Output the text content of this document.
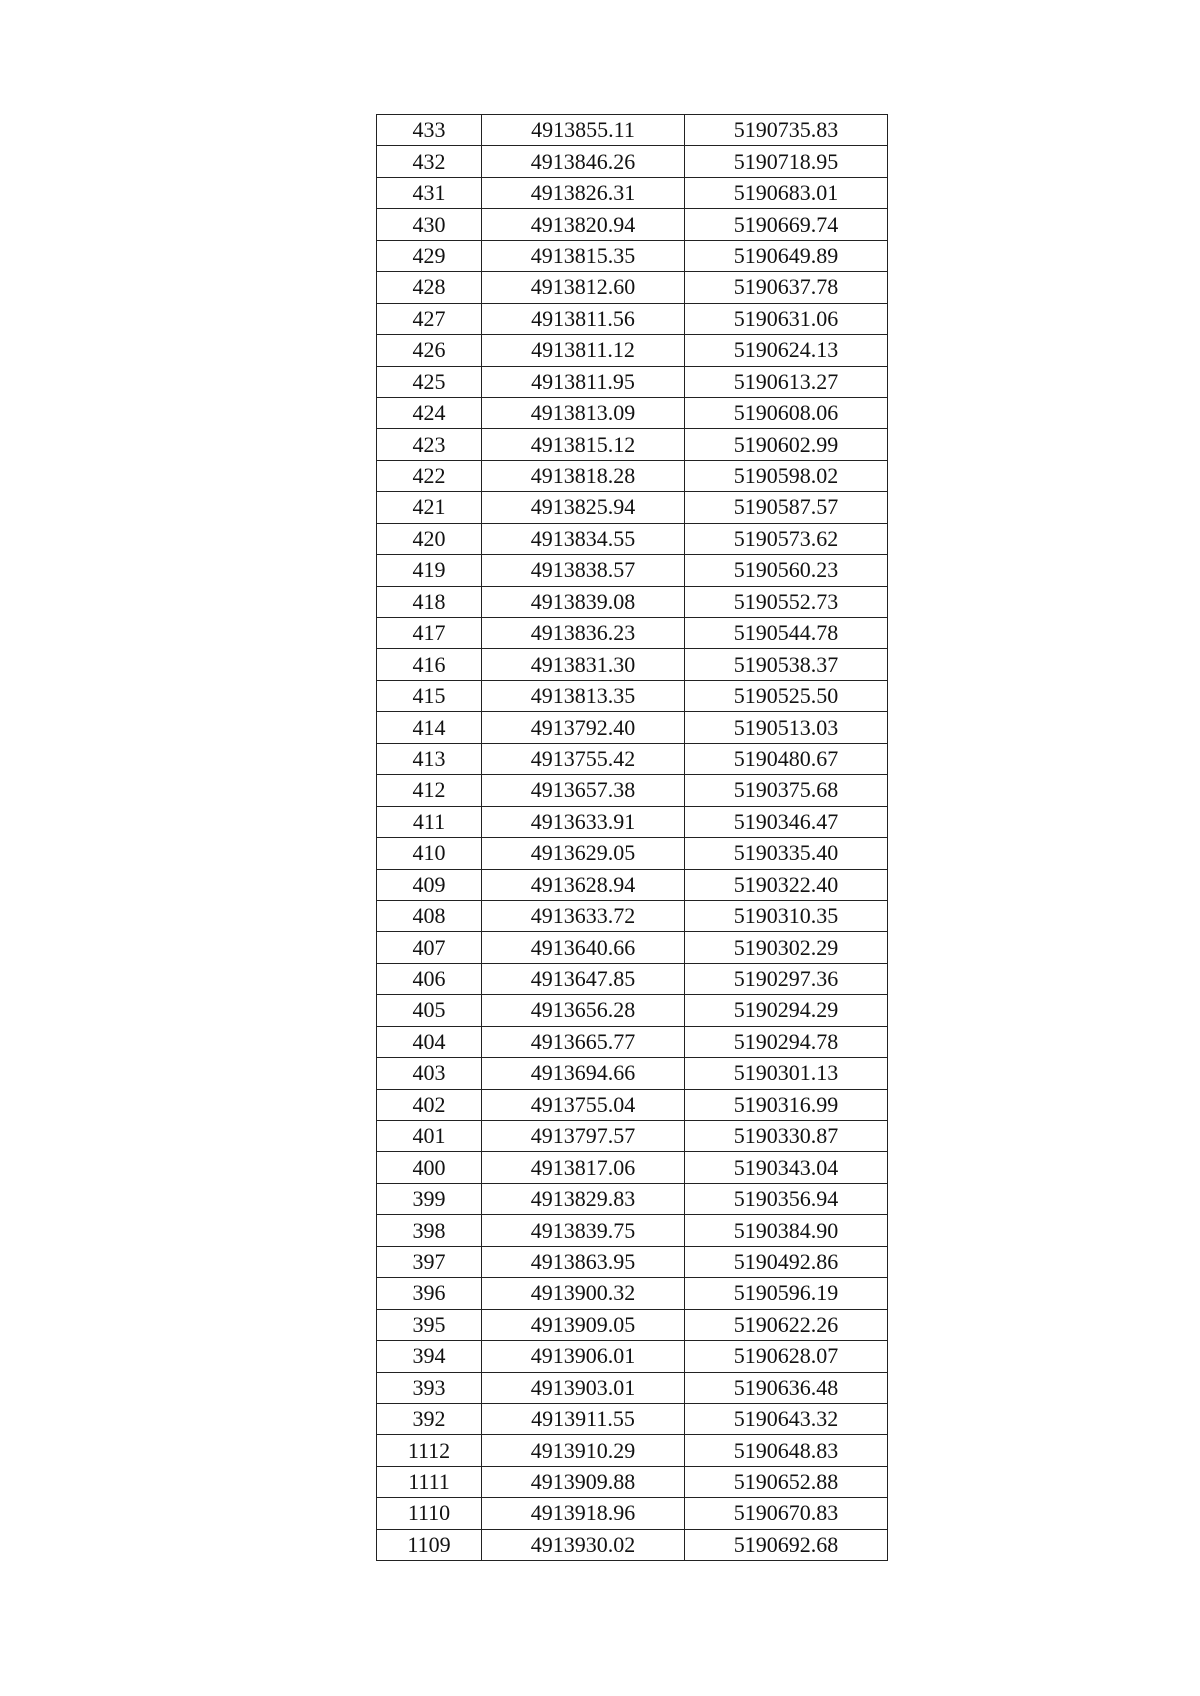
433	4913855.11	5190735.83
432	4913846.26	5190718.95
431	4913826.31	5190683.01
430	4913820.94	5190669.74
429	4913815.35	5190649.89
428	4913812.60	5190637.78
427	4913811.56	5190631.06
426	4913811.12	5190624.13
425	4913811.95	5190613.27
424	4913813.09	5190608.06
423	4913815.12	5190602.99
422	4913818.28	5190598.02
421	4913825.94	5190587.57
420	4913834.55	5190573.62
419	4913838.57	5190560.23
418	4913839.08	5190552.73
417	4913836.23	5190544.78
416	4913831.30	5190538.37
415	4913813.35	5190525.50
414	4913792.40	5190513.03
413	4913755.42	5190480.67
412	4913657.38	5190375.68
411	4913633.91	5190346.47
410	4913629.05	5190335.40
409	4913628.94	5190322.40
408	4913633.72	5190310.35
407	4913640.66	5190302.29
406	4913647.85	5190297.36
405	4913656.28	5190294.29
404	4913665.77	5190294.78
403	4913694.66	5190301.13
402	4913755.04	5190316.99
401	4913797.57	5190330.87
400	4913817.06	5190343.04
399	4913829.83	5190356.94
398	4913839.75	5190384.90
397	4913863.95	5190492.86
396	4913900.32	5190596.19
395	4913909.05	5190622.26
394	4913906.01	5190628.07
393	4913903.01	5190636.48
392	4913911.55	5190643.32
1112	4913910.29	5190648.83
1111	4913909.88	5190652.88
1110	4913918.96	5190670.83
1109	4913930.02	5190692.68
